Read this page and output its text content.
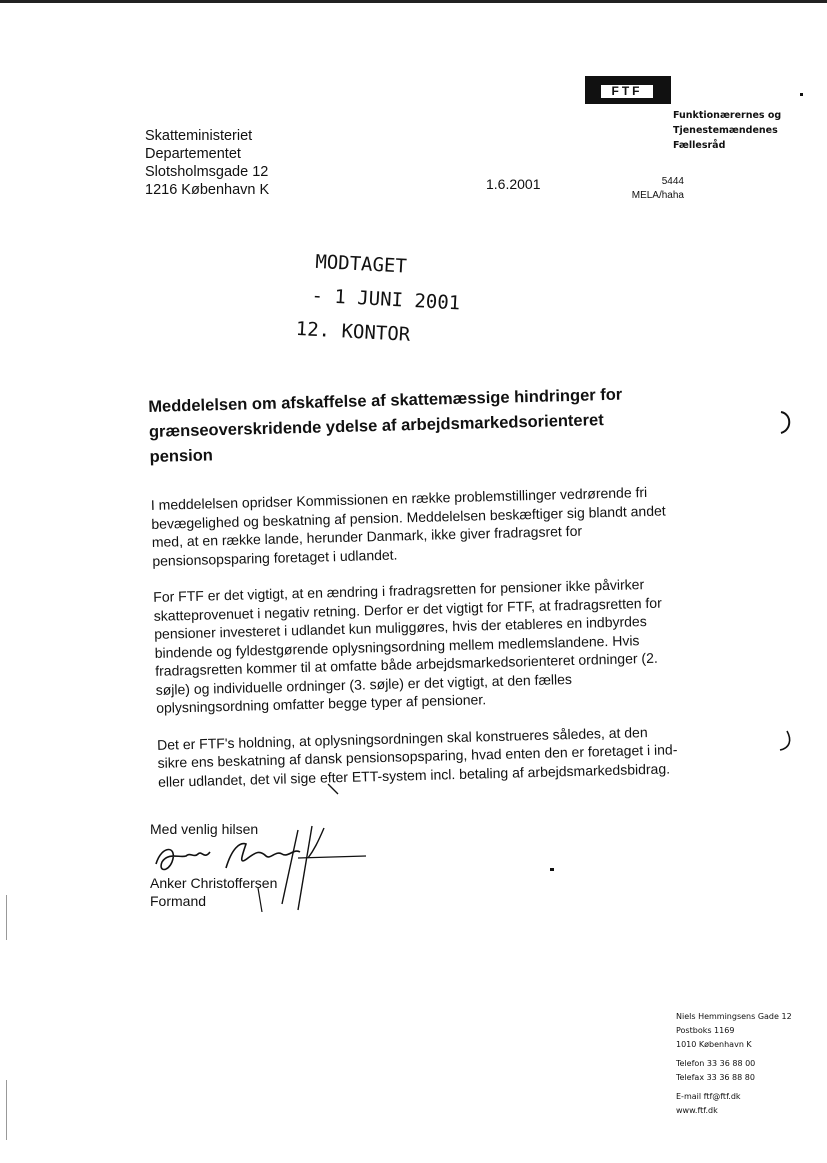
FTF
Funktionærernes og
Tjenestemændenes
Fællesråd
Skatteministeriet
Departementet
Slotsholmsgade 12
1216 København K	1.6.2001	5444
MELA/haha
MODTAGET
- 1 JUNI 2001
12. KONTOR
Meddelelsen om afskaffelse af skattemæssige hindringer for grænseoverskridende ydelse af arbejdsmarkedsorienteret pension

I meddelelsen opridser Kommissionen en række problemstillinger vedrørende fri bevægelighed og beskatning af pension. Meddelelsen beskæftiger sig blandt andet med, at en række lande, herunder Danmark, ikke giver fradragsret for pensionsopsparing foretaget i udlandet.

For FTF er det vigtigt, at en ændring i fradragsretten for pensioner ikke påvirker skatteprovenuet i negativ retning. Derfor er det vigtigt for FTF, at fradragsretten for pensioner investeret i udlandet kun muliggøres, hvis der etableres en indbyrdes bindende og fyldestgørende oplysningsordning mellem medlemslandene. Hvis fradragsretten kommer til at omfatte både arbejdsmarkedsorienteret ordninger (2. søjle) og individuelle ordninger (3. søjle) er det vigtigt, at den fælles oplysningsordning omfatter begge typer af pensioner.

Det er FTF's holdning, at oplysningsordningen skal konstrueres således, at den sikre ens beskatning af dansk pensionsopsparing, hvad enten den er foretaget i ind- eller udlandet, det vil sige efter ETT-system incl. betaling af arbejdsmarkedsbidrag.

Med venlig hilsen
Anker Christoffersen
Formand
Niels Hemmingsens Gade 12
Postboks 1169
1010 København K
Telefon 33 36 88 00
Telefax 33 36 88 80
E-mail ftf@ftf.dk
www.ftf.dk
